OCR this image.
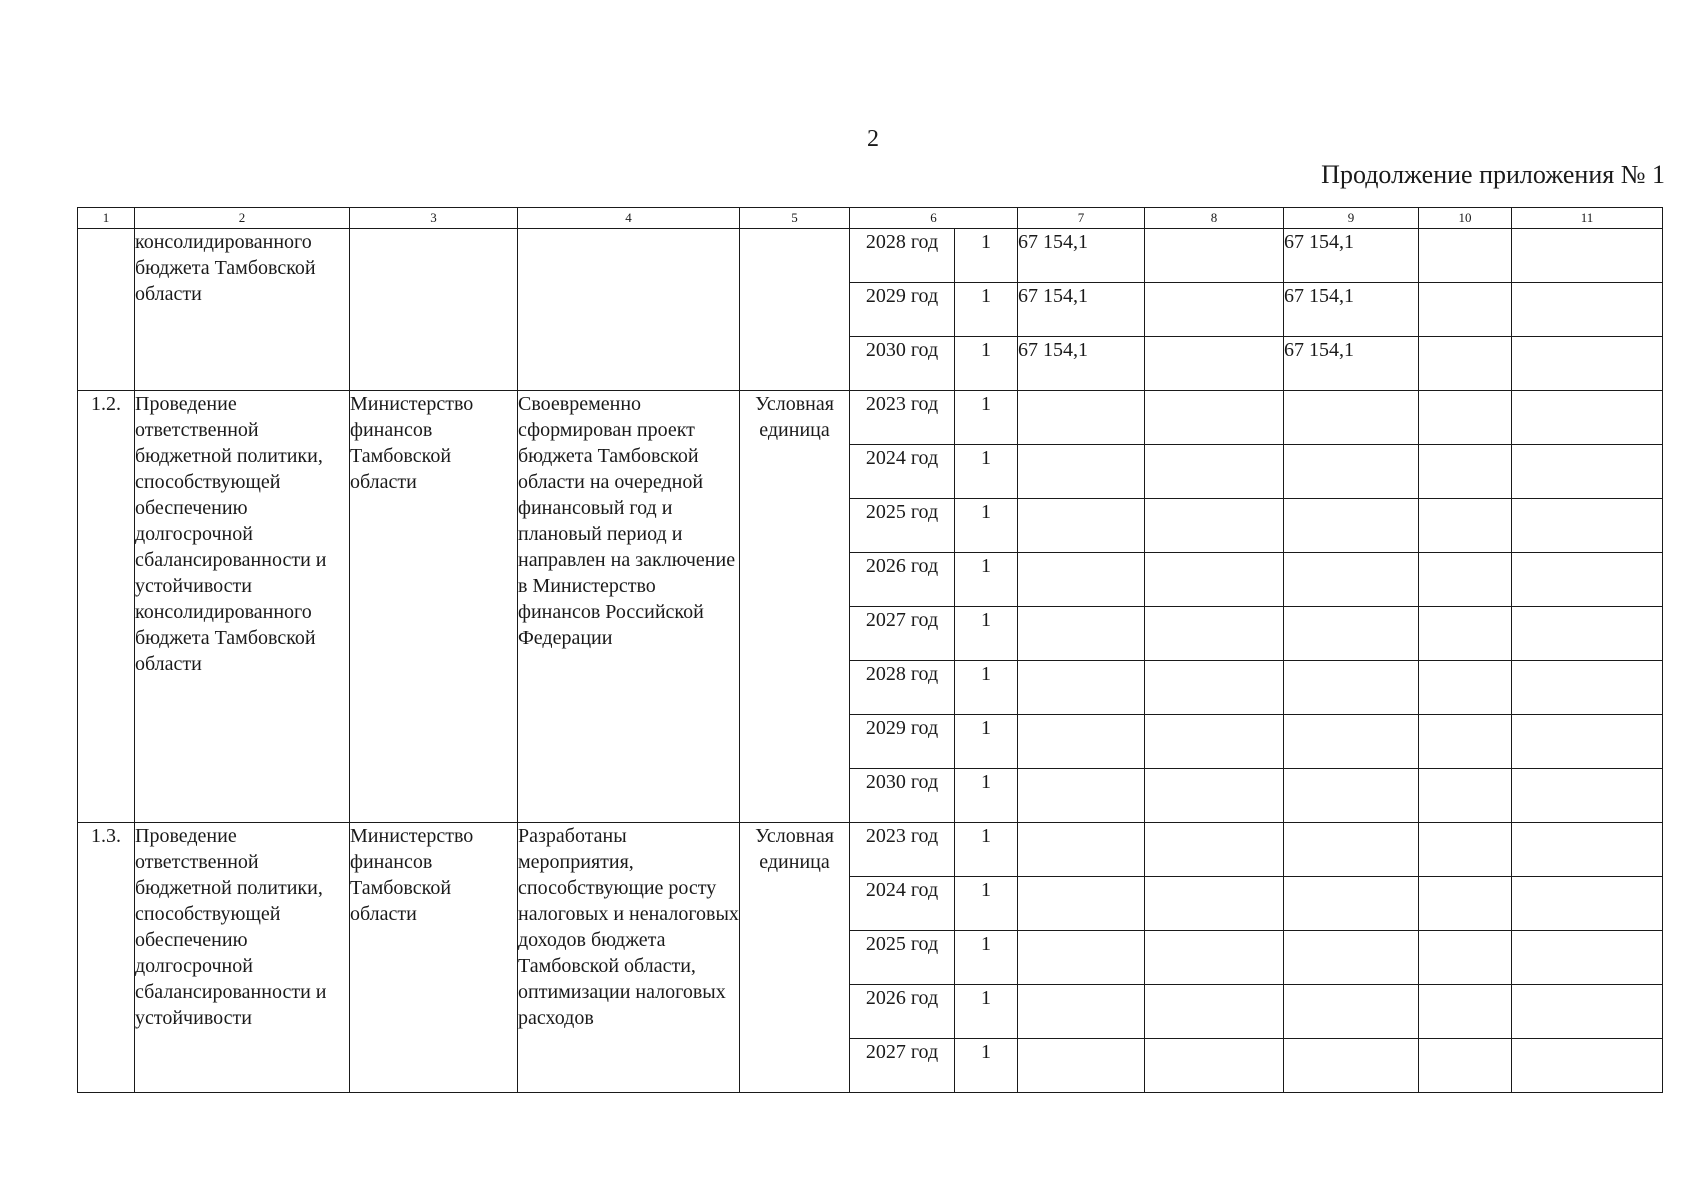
2
Продолжение приложения № 1
1	2	3	4	5	6		7	8	9	10	11
	консолидированного бюджета Тамбовской области				2028 год	1	67 154,1		67 154,1		
					2029 год	1	67 154,1		67 154,1		
					2030 год	1	67 154,1		67 154,1		
1.2.	Проведение ответственной бюджетной политики, способствующей обеспечению долгосрочной сбалансированности и устойчивости консолидированного бюджета Тамбовской области	Министерство финансов Тамбовской области	Своевременно сформирован проект бюджета Тамбовской области на очередной финансовый год и плановый период и направлен на заключение в Министерство финансов Российской Федерации	Условная единица	2023 год	1					
					2024 год	1					
					2025 год	1					
					2026 год	1					
					2027 год	1					
					2028 год	1					
					2029 год	1					
					2030 год	1					
1.3.	Проведение ответственной бюджетной политики, способствующей обеспечению долгосрочной сбалансированности и устойчивости	Министерство финансов Тамбовской области	Разработаны мероприятия, способствующие росту налоговых и неналоговых доходов бюджета Тамбовской области, оптимизации налоговых расходов	Условная единица	2023 год	1					
					2024 год	1					
					2025 год	1					
					2026 год	1					
					2027 год	1					
